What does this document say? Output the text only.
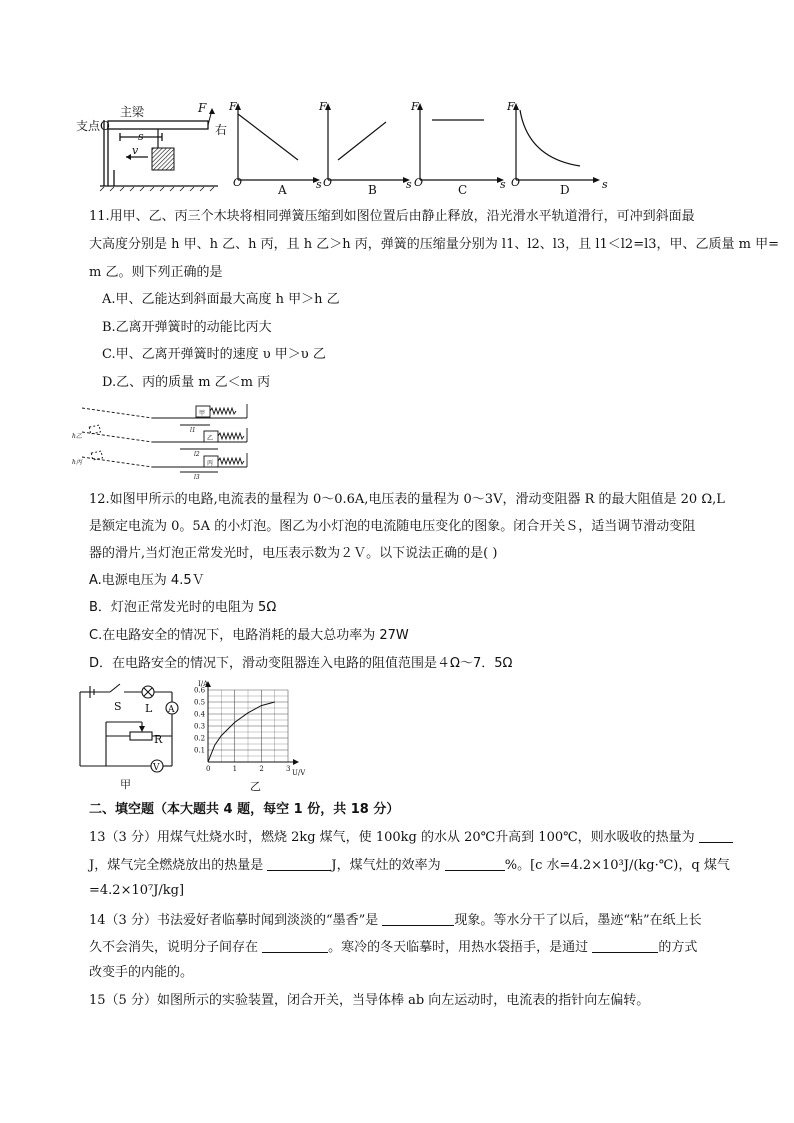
主梁
支点O	右
s
v
F F
O	s
F
O	s
F
O	s
F
O	s
A	B	C	D
11.用甲、乙、丙三个木块将相同弹簧压缩到如图位置后由静止释放，沿光滑水平轨道滑行，可冲到斜面最
大高度分别是 h 甲、h 乙、h 丙，且 h 乙＞h 丙，弹簧的压缩量分别为 l1、l2、l3，且 l1＜l2=l3，甲、乙质量 m 甲=
m 乙。则下列正确的是
A.甲、乙能达到斜面最大高度 h 甲＞h 乙
B.乙离开弹簧时的动能比丙大
C.甲、乙离开弹簧时的速度 υ 甲＞υ 乙
D.乙、丙的质量 m 乙＜m 丙
甲
乙
丙
l1
l2
l3
h乙
h丙
12.如图甲所示的电路,电流表的量程为 0～0.6A,电压表的量程为 0～3V，滑动变阻器 R 的最大阻值是 20 Ω,L
是额定电流为 0。5A 的小灯泡。图乙为小灯泡的电流随电压变化的图象。闭合开关Ｓ，适当调节滑动变阻
器的滑片,当灯泡正常发光时，电压表示数为２Ｖ。以下说法正确的是( )
A.电源电压为 4.5Ｖ
B．灯泡正常发光时的电阻为 5Ω
C.在电路安全的情况下，电路消耗的最大总功率为 27W
D．在电路安全的情况下，滑动变阻器连入电路的阻值范围是４Ω～7．5Ω
S L A
R
V
甲
0.1
0.2
0.3
0.4
0.5
0.6
0	1	2	3
I/A
U/V
乙
二、填空题（本大题共 4 题，每空 1 份，共 18 分）
13（3 分）用煤气灶烧水时，燃烧 2kg 煤气，使 100kg 的水从 20℃升高到 100℃，则水吸收的热量为
J，煤气完全燃烧放出的热量是	J，煤气灶的效率为	%。[c 水=4.2×10³J/(kg·℃)，q 煤气
=4.2×10⁷J/kg]
14（3 分）书法爱好者临摹时闻到淡淡的“墨香”是	现象。等水分干了以后，墨迹“粘”在纸上长
久不会消失，说明分子间存在	。寒冷的冬天临摹时，用热水袋捂手，是通过	的方式
改变手的内能的。
15（5 分）如图所示的实验装置，闭合开关，当导体棒 ab 向左运动时，电流表的指针向左偏转。
